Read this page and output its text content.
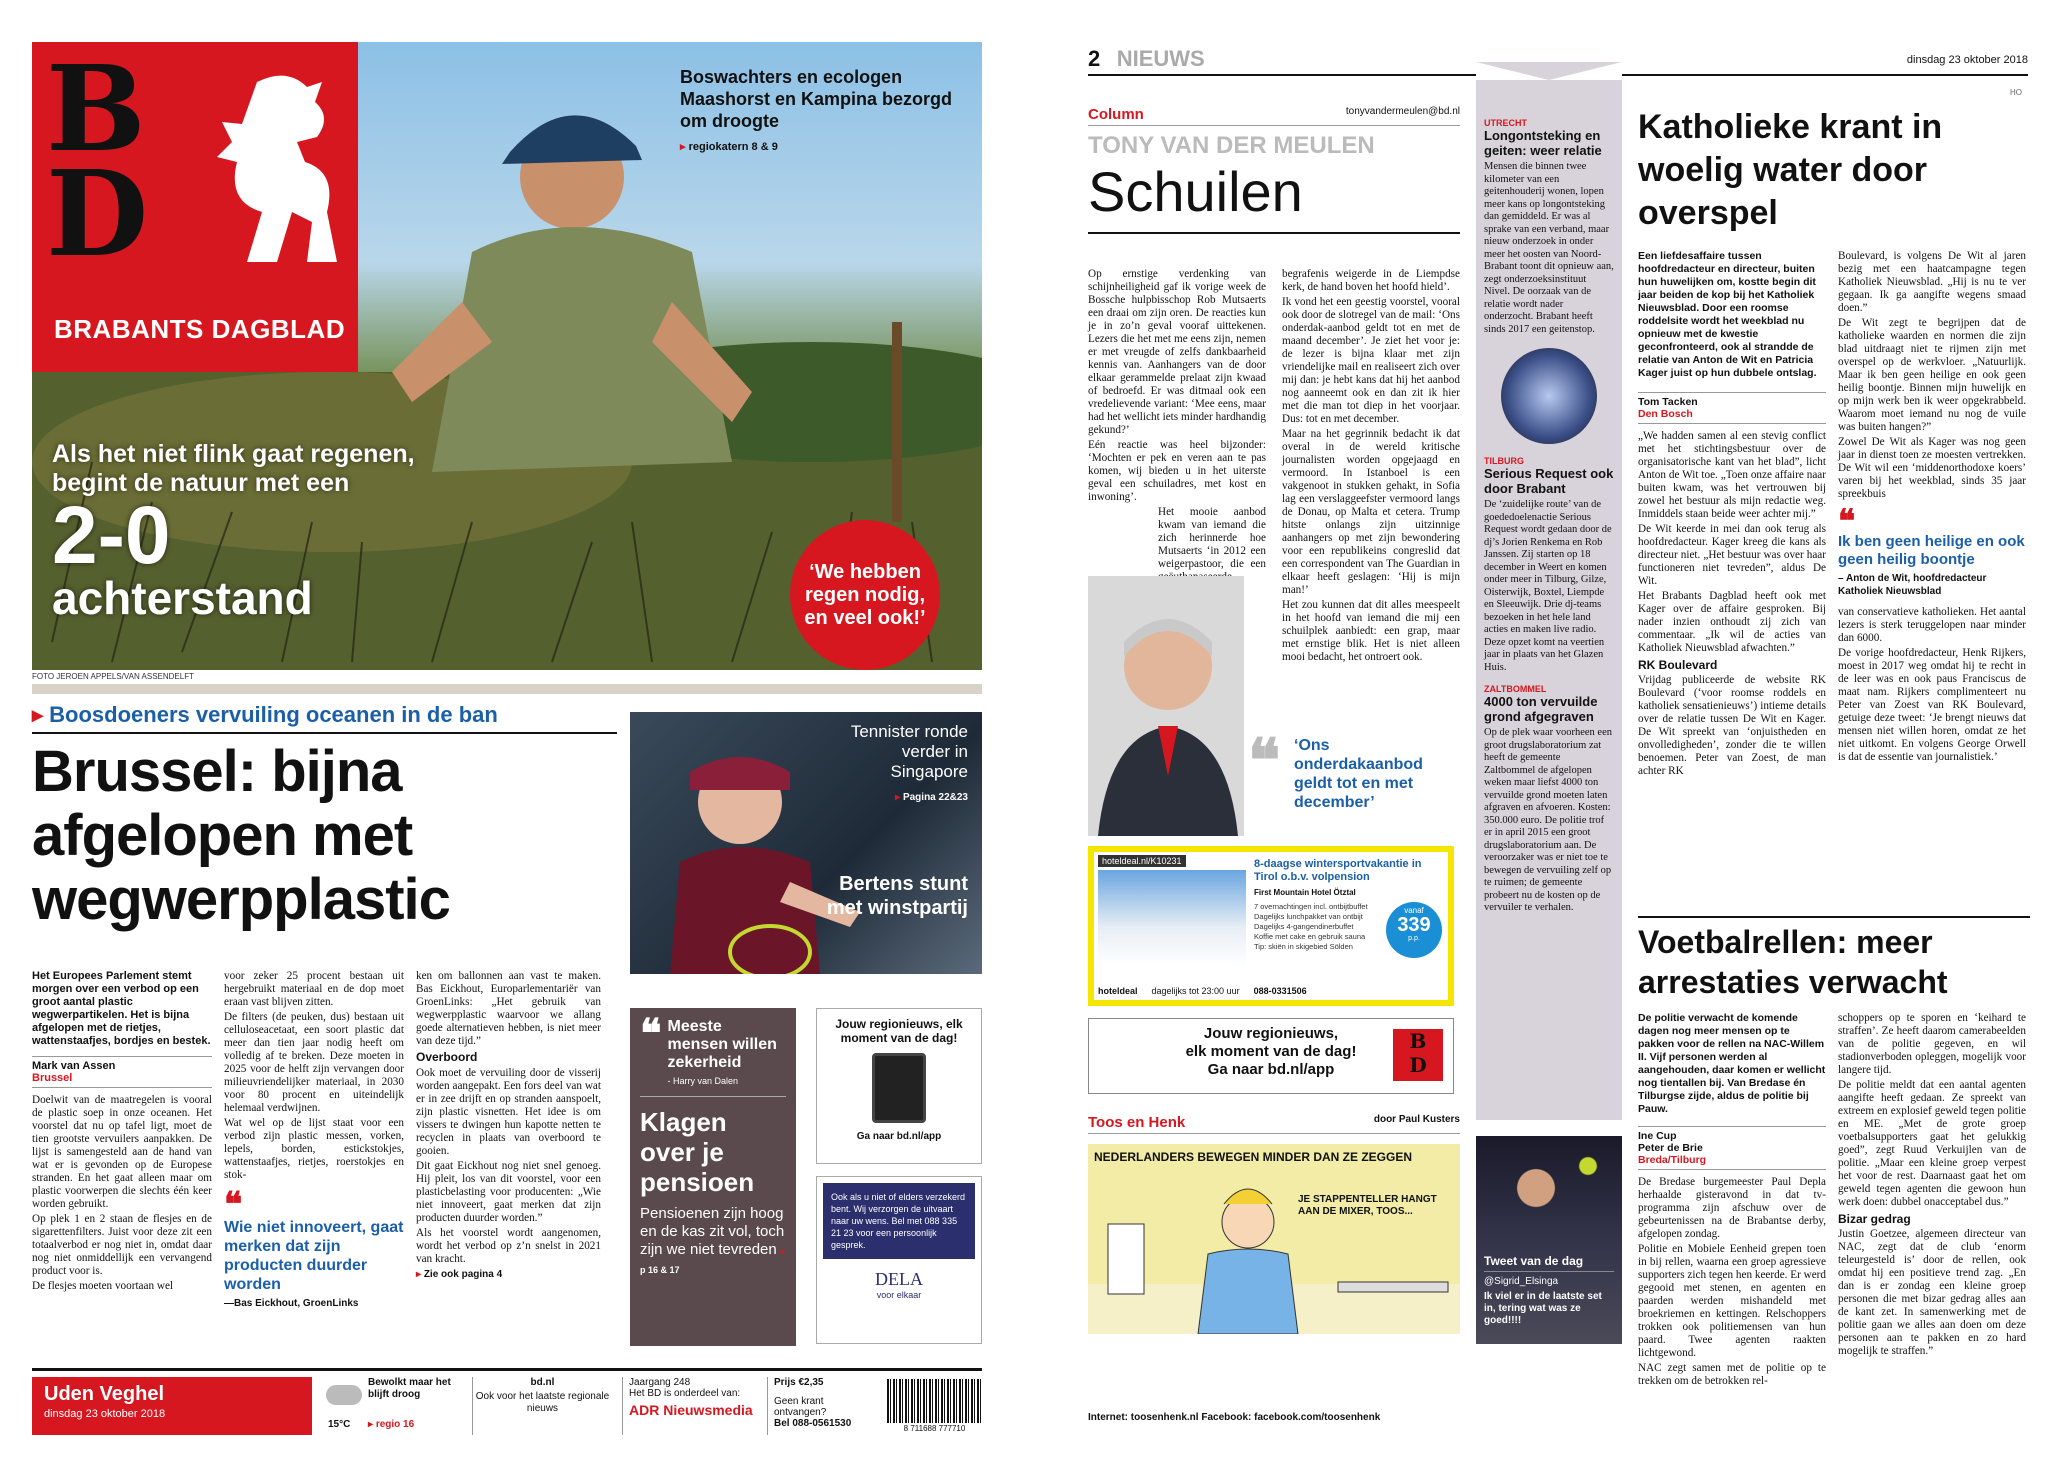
BD
BRABANTS DAGBLAD
Boswachters en ecologen Maashorst en Kampina bezorgd om droogte
▸ regiokatern 8 & 9
Als het niet flink gaat regenen, begint de natuur met een
2-0
achterstand
‘We hebben regen nodig, en veel ook!’
FOTO JEROEN APPELS/VAN ASSENDELFT
▸ Boosdoeners vervuiling oceanen in de ban
Brussel: bijna afgelopen met wegwerpplastic
Het Europees Parlement stemt morgen over een verbod op een groot aantal plastic wegwerpartikelen. Het is bijna afgelopen met de rietjes, wattenstaafjes, bordjes en bestek.
Mark van Assen
Brussel

Doelwit van de maatregelen is vooral de plastic soep in onze oceanen. Het voorstel dat nu op tafel ligt, moet de tien grootste vervuilers aanpakken. De lijst is samengesteld aan de hand van wat er is gevonden op de Europese stranden. En het gaat alleen maar om plastic voorwerpen die slechts één keer worden gebruikt.

Op plek 1 en 2 staan de flesjes en de sigarettenfilters. Juist voor deze zit een totaalverbod er nog niet in, omdat daar nog niet onmiddellijk een vervangend product voor is.

De flesjes moeten voortaan wel

voor zeker 25 procent bestaan uit hergebruikt materiaal en de dop moet eraan vast blijven zitten.

De filters (de peuken, dus) bestaan uit celluloseacetaat, een soort plastic dat meer dan tien jaar nodig heeft om volledig af te breken. Deze moeten in 2025 voor de helft zijn vervangen door milieuvriendelijker materiaal, in 2030 voor 80 procent en uiteindelijk helemaal verdwijnen.

Wat wel op de lijst staat voor een verbod zijn plastic messen, vorken, lepels, borden, estickstokjes, wattenstaafjes, rietjes, roerstokjes en stok-

❝
Wie niet innoveert, gaat merken dat zijn producten duurder worden
—Bas Eickhout, GroenLinks

ken om ballonnen aan vast te maken. Bas Eickhout, Europarlementariër van GroenLinks: „Het gebruik van wegwerpplastic waarvoor we allang goede alternatieven hebben, is niet meer van deze tijd.”

Overboord

Ook moet de vervuiling door de visserij worden aangepakt. Een fors deel van wat er in zee drijft en op stranden aanspoelt, zijn plastic visnetten. Het idee is om vissers te dwingen hun kapotte netten te recyclen in plaats van overboord te gooien.

Dit gaat Eickhout nog niet snel genoeg. Hij pleit, los van dit voorstel, voor een plasticbelasting voor producenten: „Wie niet innoveert, gaat merken dat zijn producten duurder worden.”

Als het voorstel wordt aangenomen, wordt het verbod op z’n snelst in 2021 van kracht.

▸ Zie ook pagina 4
Tennister ronde verder in Singapore
▸ Pagina 22&23
Bertens stunt met winstpartij
❝ Meeste mensen willen zekerheid
- Harry van Dalen
Klagen over je pensioen
Pensioenen zijn hoog en de kas zit vol, toch zijn we niet tevreden ▸ p 16 & 17
Jouw regionieuws, elk moment van de dag!
Ga naar bd.nl/app
Ook als u niet of elders verzekerd bent. Wij verzorgen de uitvaart naar uw wens. Bel met 088 335 21 23 voor een persoonlijk gesprek.
DELA
voor elkaar
Uden Veghel
dinsdag 23 oktober 2018
Bewolkt maar het blijft droog
15°C ▸ regio 16
bd.nl
Ook voor het laatste regionale nieuws
Jaargang 248
Het BD is onderdeel van:
ADR Nieuwsmedia
Prijs €2,35
Geen krant ontvangen?
Bel 088-0561530	8 711688 777710
2 NIEUWS	dinsdag 23 oktober 2018
HO
Column	tonyvandermeulen@bd.nl
TONY VAN DER MEULEN
Schuilen

Op ernstige verdenking van schijnheiligheid gaf ik vorige week de Bossche hulpbisschop Rob Mutsaerts een draai om zijn oren. De reacties kun je in zo’n geval vooraf uittekenen. Lezers die het met me eens zijn, nemen er met vreugde of zelfs dankbaarheid kennis van. Aanhangers van de door elkaar gerammelde prelaat zijn kwaad of bedroefd. Er was ditmaal ook een vredelievende variant: ‘Mee eens, maar had het wellicht iets minder hardhandig gekund?’

Eén reactie was heel bijzonder: ‘Mochten er pek en veren aan te pas komen, wij bieden u in het uiterste geval een schuiladres, met kost en inwoning’.

Het mooie aanbod kwam van iemand die zich herinnerde hoe Mutsaerts ‘in 2012 een weigerpastoor, die een

begrafenis weigerde in de Liempdse kerk, de hand boven het hoofd hield’.

Ik vond het een geestig voorstel, vooral ook door de slotregel van de mail: ‘Ons onderdak-aanbod geldt tot en met de maand december’. Je ziet het voor je: de lezer is bijna klaar met zijn vriendelijke mail en realiseert zich over mij dan: je hebt kans dat hij het aanbod nog aanneemt ook en dan zit ik hier met die man tot diep in het voorjaar. Dus: tot en met december.

Maar na het gegrinnik bedacht ik dat overal in de wereld kritische journalisten worden opgejaagd en vermoord. In Istanboel is een vakgenoot in stukken gehakt, in Sofia lag een verslaggeefster vermoord langs de Donau, op Malta et cetera. Trump hitste onlangs zijn uitzinnige aanhangers op met zijn bewondering voor een republikeins congreslid dat een correspondent van The Guardian in elkaar heeft geslagen: ‘Hij is mijn man!’

Het zou kunnen dat dit alles meespeelt in het hoofd van iemand die mij een schuilplek aanbiedt: een grap, maar met ernstige blik. Het is niet alleen mooi bedacht, het ontroert ook.

❝ ‘Ons onderdakaanbod geldt tot en met december’
UTRECHT
Longontsteking en geiten: weer relatie
Mensen die binnen twee kilometer van een geitenhouderij wonen, lopen meer kans op longontsteking dan gemiddeld. Er was al sprake van een verband, maar nieuw onderzoek in onder meer het oosten van Noord-Brabant toont dit opnieuw aan, zegt onderzoeksinstituut Nivel. De oorzaak van de relatie wordt nader onderzocht. Brabant heeft sinds 2017 een geitenstop.
TILBURG
Serious Request ook door Brabant
De ‘zuidelijke route’ van de goededoelenactie Serious Request wordt gedaan door de dj’s Jorien Renkema en Rob Janssen. Zij starten op 18 december in Weert en komen onder meer in Tilburg, Gilze, Oisterwijk, Boxtel, Liempde en Sleeuwijk. Drie dj-teams bezoeken in het hele land acties en maken live radio. Deze opzet komt na veertien jaar in plaats van het Glazen Huis.
ZALTBOMMEL
4000 ton vervuilde grond afgegraven
Op de plek waar voorheen een groot drugslaboratorium zat heeft de gemeente Zaltbommel de afgelopen weken maar liefst 4000 ton vervuilde grond moeten laten afgraven en afvoeren. Kosten: 350.000 euro. De politie trof er in april 2015 een groot drugslaboratorium aan. De veroorzaker was er niet toe te bewegen de vervuiling zelf op te ruimen; de gemeente probeert nu de kosten op de vervuiler te verhalen.
Tweet van de dag
@Sigrid_Elsinga
Ik viel er in de laatste set in, tering wat was ze goed!!!!
hoteldeal.nl/K10231	8-daagse wintersportvakantie in Tirol o.b.v. volpension
First Mountain Hotel Ötztal
7 overnachtingen incl. ontbijtbuffet
Dagelijks lunchpakket van ontbijt
Dagelijks 4-gangendinerbuffet
Koffie met cake en gebruik sauna
Tip: skiën in skigebied Sölden
vanaf
339
p.p.
hoteldeal dagelijks tot 23:00 uur 088-0331506
Jouw regionieuws,
elk moment van de dag!
Ga naar bd.nl/app
B
D
Toos en Henk	door Paul Kusters
NEDERLANDERS BEWEGEN MINDER DAN ZE ZEGGEN
JE STAPPENTELLER HANGT AAN DE MIXER, TOOS...
Internet: toosenhenk.nl Facebook: facebook.com/toosenhenk
Katholieke krant in woelig water door overspel
Een liefdesaffaire tussen hoofdredacteur en directeur, buiten hun huwelijken om, kostte begin dit jaar beiden de kop bij het Katholiek Nieuwsblad. Door een roomse roddelsite wordt het weekblad nu opnieuw met de kwestie geconfronteerd, ook al strandde de relatie van Anton de Wit en Patricia Kager juist op hun dubbele ontslag.
Tom Tacken
Den Bosch

„We hadden samen al een stevig conflict met het stichtingsbestuur over de organisatorische kant van het blad”, licht Anton de Wit toe. „Toen onze affaire naar buiten kwam, was het vertrouwen bij zowel het bestuur als mijn redactie weg. Inmiddels staan beide weer achter mij.”

De Wit keerde in mei dan ook terug als hoofdredacteur. Kager kreeg die kans als directeur niet. „Het bestuur was over haar functioneren niet tevreden”, aldus De Wit.

Het Brabants Dagblad heeft ook met Kager over de affaire gesproken. Bij nader inzien onthoudt zij zich van commentaar. „Ik wil de acties van Katholiek Nieuwsblad afwachten.”

RK Boulevard

Vrijdag publiceerde de website RK Boulevard (‘voor roomse roddels en katholiek sensatienieuws’) intieme details over de relatie tussen De Wit en Kager. De Wit spreekt van ‘onjuistheden en onvolledigheden’, zonder die te willen benoemen. Peter van Zoest, de man achter RK

Boulevard, is volgens De Wit al jaren bezig met een haatcampagne tegen Katholiek Nieuwsblad. „Hij is nu te ver gegaan. Ik ga aangifte wegens smaad doen.”

De Wit zegt te begrijpen dat de katholieke waarden en normen die zijn blad uitdraagt niet te rijmen zijn met overspel op de werkvloer. „Natuurlijk. Maar ik ben geen heilige en ook geen heilig boontje. Binnen mijn huwelijk en op mijn werk ben ik weer opgekrabbeld. Waarom moet iemand nu nog de vuile was buiten hangen?”

Zowel De Wit als Kager was nog geen jaar in dienst toen ze moesten vertrekken. De Wit wil een ‘middenorthodoxe koers’ varen bij het weekblad, sinds 35 jaar spreekbuis

❝
Ik ben geen heilige en ook geen heilig boontje
– Anton de Wit, hoofdredacteur Katholiek Nieuwsblad

van conservatieve katholieken. Het aantal lezers is sterk teruggelopen naar minder dan 6000.

De vorige hoofdredacteur, Henk Rijkers, moest in 2017 weg omdat hij te recht in de leer was en ook paus Franciscus de maat nam. Rijkers complimenteert nu Peter van Zoest van RK Boulevard, getuige deze tweet: ‘Je brengt nieuws dat mensen niet willen horen, omdat ze het niet uitkomt. En volgens George Orwell is dat de essentie van journalistiek.’

Voetbalrellen: meer arrestaties verwacht
De politie verwacht de komende dagen nog meer mensen op te pakken voor de rellen na NAC-Willem II. Vijf personen werden al aangehouden, daar komen er wellicht nog tientallen bij. Van Bredase én Tilburgse zijde, aldus de politie bij Pauw.
Ine Cup
Peter de Brie
Breda/Tilburg

De Bredase burgemeester Paul Depla herhaalde gisteravond in dat tv-programma zijn afschuw over de gebeurtenissen na de Brabantse derby, afgelopen zondag.

Politie en Mobiele Eenheid grepen toen in bij rellen, waarna een groep agressieve supporters zich tegen hen keerde. Er werd gegooid met stenen, en agenten en paarden werden mishandeld met broekriemen en kettingen. Relschoppers trokken ook politiemensen van hun paard. Twee agenten raakten lichtgewond.

NAC zegt samen met de politie op te trekken om de betrokken rel-

schoppers op te sporen en ‘keihard te straffen’. Ze heeft daarom camerabeelden van de politie gegeven, en wil stadionverboden opleggen, mogelijk voor langere tijd.

De politie meldt dat een aantal agenten aangifte heeft gedaan. Ze spreekt van extreem en explosief geweld tegen politie en ME. „Met de grote groep voetbalsupporters gaat het gelukkig goed”, zegt Ruud Verkuijlen van de politie. „Maar een kleine groep verpest het voor de rest. Daarnaast gaat het om geweld tegen agenten die gewoon hun werk doen: dubbel onacceptabel dus.”

Bizar gedrag

Justin Goetzee, algemeen directeur van NAC, zegt dat de club ‘enorm teleurgesteld is’ door de rellen, ook omdat hij een positieve trend zag. „En dan is er zondag een kleine groep personen die met bizar gedrag alles aan de kant zet. In samenwerking met de politie gaan we alles aan doen om deze personen aan te pakken en zo hard mogelijk te straffen.”
